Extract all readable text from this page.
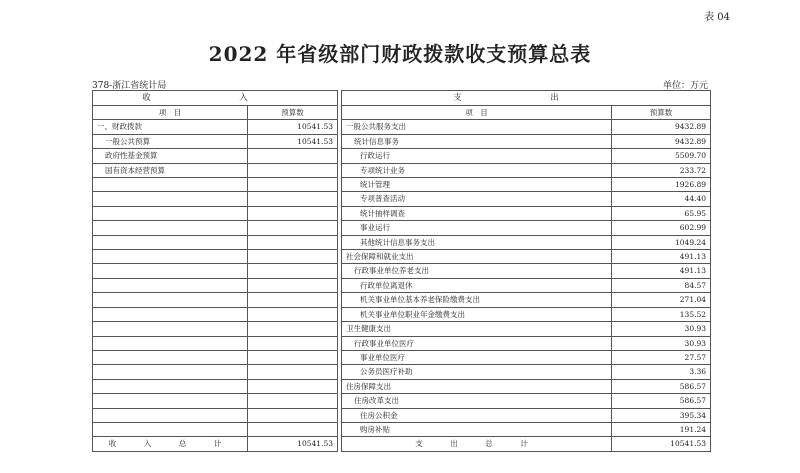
表 04
2022 年省级部门财政拨款收支预算总表
378-浙江省统计局	单位：万元
收　入			支　出	
项　目	预算数		项　目	预算数
一、财政拨款	10541.53		一般公共服务支出	9432.89
一般公共预算	10541.53		统计信息事务	9432.89
政府性基金预算			行政运行	5509.70
国有资本经营预算			专项统计业务	233.72
			统计管理	1926.89
			专项普查活动	44.40
			统计抽样调查	65.95
			事业运行	602.99
			其他统计信息事务支出	1049.24
			社会保障和就业支出	491.13
			行政事业单位养老支出	491.13
			行政单位离退休	84.57
			机关事业单位基本养老保险缴费支出	271.04
			机关事业单位职业年金缴费支出	135.52
			卫生健康支出	30.93
			行政事业单位医疗	30.93
			事业单位医疗	27.57
			公务员医疗补助	3.36
			住房保障支出	586.57
			住房改革支出	586.57
			住房公积金	395.34
			购房补贴	191.24
收　入　总　计	10541.53		支　出　总　计	10541.53
